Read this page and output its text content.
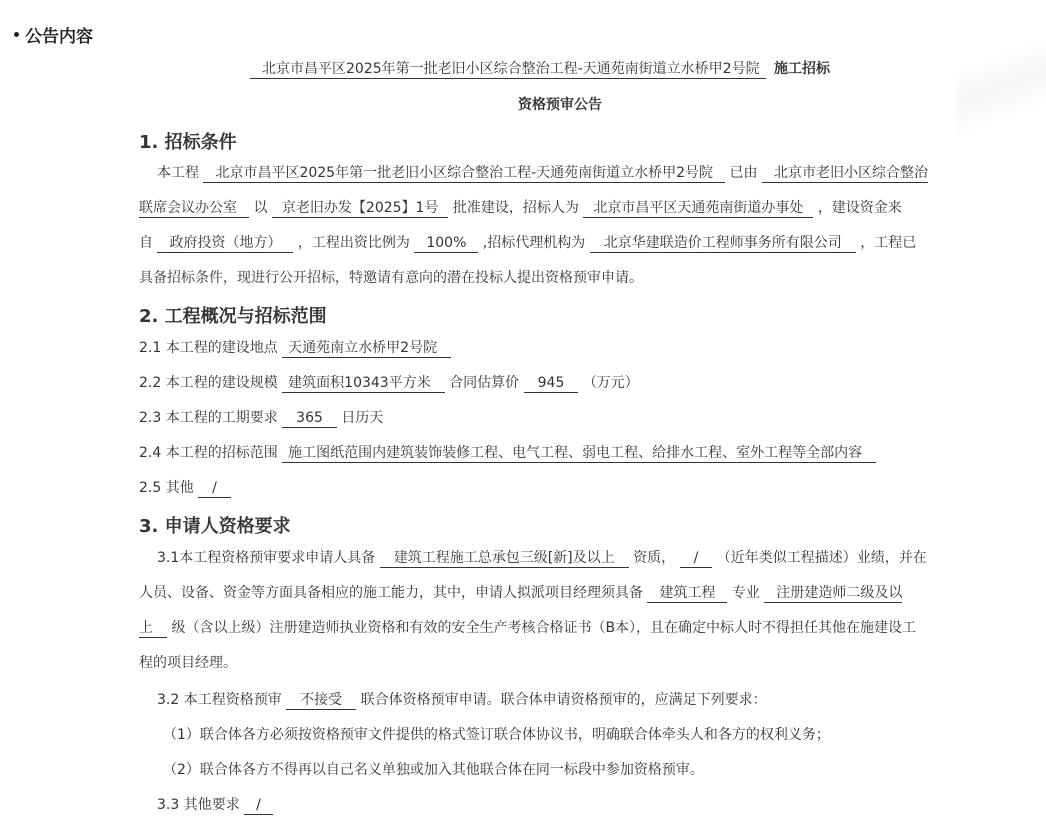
公告内容
北京市昌平区2025年第一批老旧小区综合整治工程-天通苑南街道立水桥甲2号院 施工招标
资格预审公告
1. 招标条件
本工程 北京市昌平区2025年第一批老旧小区综合整治工程-天通苑南街道立水桥甲2号院 已由 北京市老旧小区综合整治
联席会议办公室 以 京老旧办发【2025】1号 批准建设，招标人为 北京市昌平区天通苑南街道办事处 ，建设资金来
自 政府投资（地方） ，工程出资比例为 100% ,招标代理机构为 北京华建联造价工程师事务所有限公司 ，工程已
具备招标条件，现进行公开招标，特邀请有意向的潜在投标人提出资格预审申请。
2. 工程概况与招标范围
2.1 本工程的建设地点 天通苑南立水桥甲2号院
2.2 本工程的建设规模 建筑面积10343平方米 合同估算价 945 （万元）
2.3 本工程的工期要求 365 日历天
2.4 本工程的招标范围 施工图纸范围内建筑装饰装修工程、电气工程、弱电工程、给排水工程、室外工程等全部内容
2.5 其他 /
3. 申请人资格要求
3.1本工程资格预审要求申请人具备 建筑工程施工总承包三级[新]及以上 资质， / （近年类似工程描述）业绩，并在
人员、设备、资金等方面具备相应的施工能力，其中，申请人拟派项目经理须具备 建筑工程 专业 注册建造师二级及以
上 级（含以上级）注册建造师执业资格和有效的安全生产考核合格证书（B本），且在确定中标人时不得担任其他在施建设工
程的项目经理。
3.2 本工程资格预审 不接受 联合体资格预审申请。联合体申请资格预审的，应满足下列要求：
（1）联合体各方必须按资格预审文件提供的格式签订联合体协议书，明确联合体牵头人和各方的权利义务；
（2）联合体各方不得再以自己名义单独或加入其他联合体在同一标段中参加资格预审。
3.3 其他要求 /
